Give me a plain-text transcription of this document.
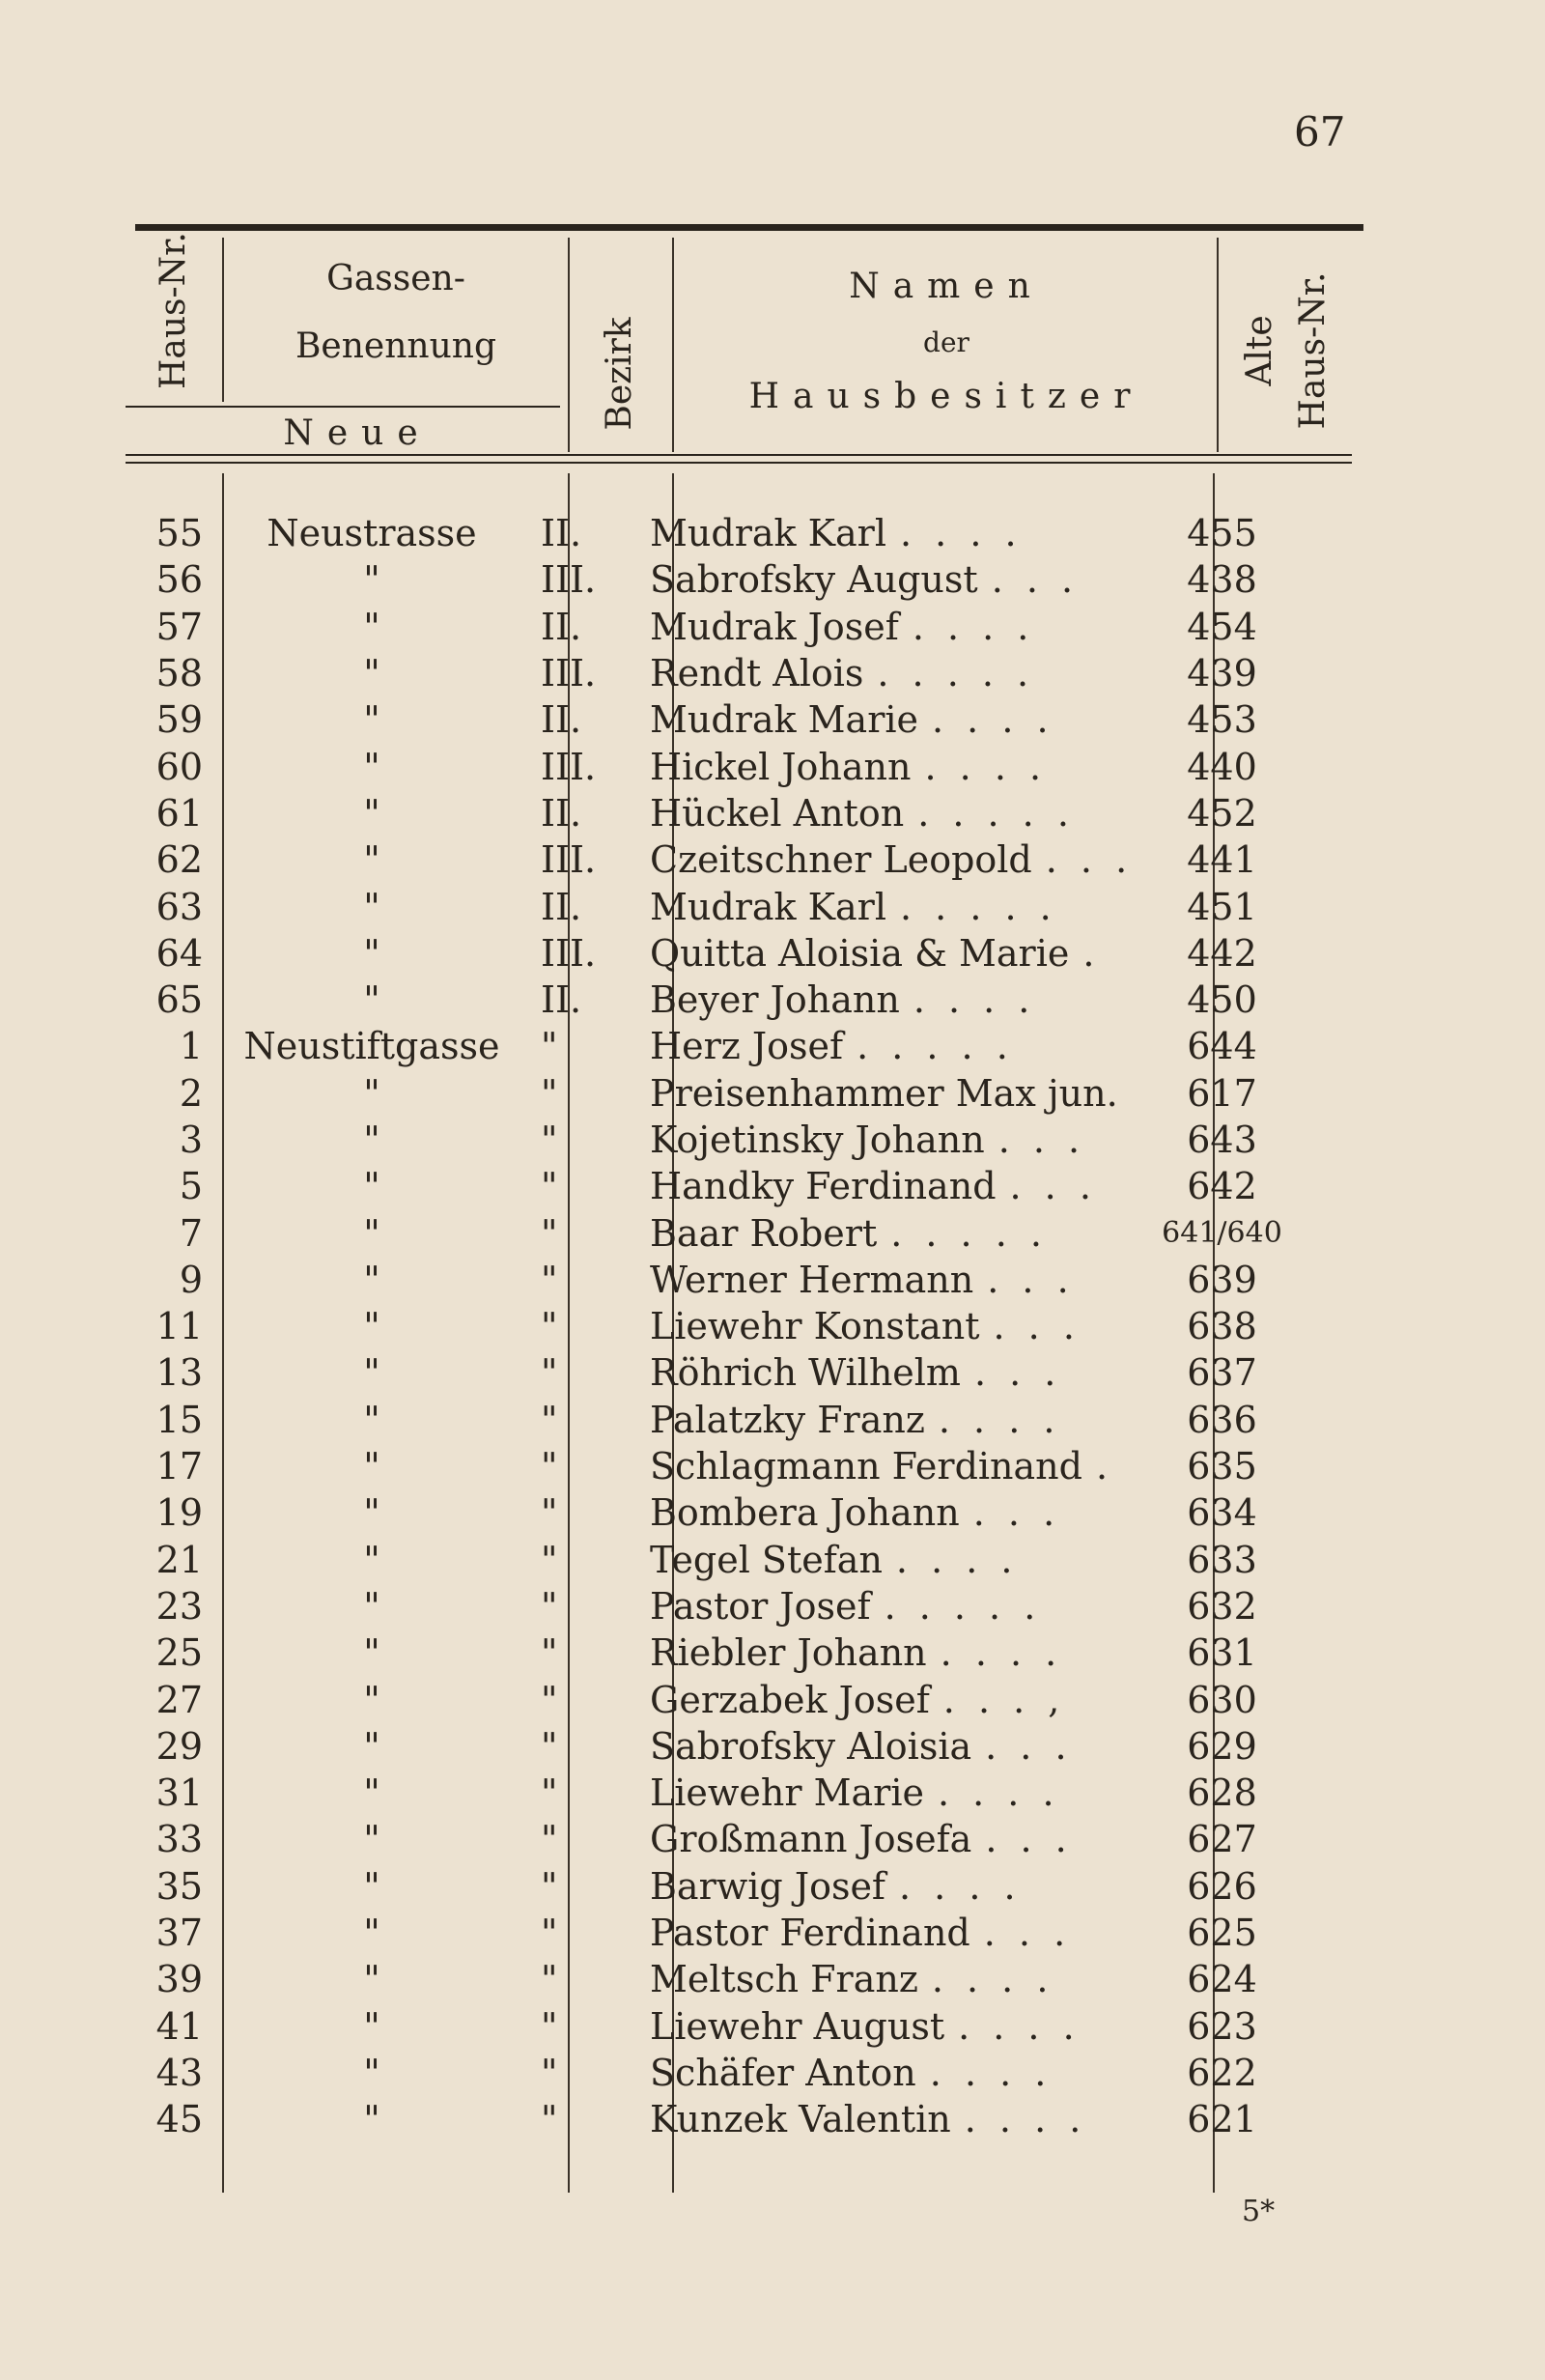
67
Haus-Nr.	Gassen-
Benennung
Neue
Bezirk
Namen
der
Hausbesitzer
Alte Haus-Nr.
55	Neustrasse	II.	Mudrak Karl . . . .	455
56	"	III.	Sabrofsky August . . .	438
57	"	II.	Mudrak Josef . . . .	454
58	"	III.	Rendt Alois . . . . .	439
59	"	II.	Mudrak Marie . . . .	453
60	"	III.	Hickel Johann . . . .	440
61	"	II.	Hückel Anton . . . . .	452
62	"	III.	Czeitschner Leopold . . .	441
63	"	II.	Mudrak Karl . . . . .	451
64	"	III.	Quitta Aloisia & Marie .	442
65	"	II.	Beyer Johann . . . .	450
1	Neustiftgasse	"	Herz Josef . . . . .	644
2	"	"	Preisenhammer Max jun.	617
3	"	"	Kojetinsky Johann . . .	643
5	"	"	Handky Ferdinand . . .	642
7	"	"	Baar Robert . . . . .	641/640
9	"	"	Werner Hermann . . .	639
11	"	"	Liewehr Konstant . . .	638
13	"	"	Röhrich Wilhelm . . .	637
15	"	"	Palatzky Franz . . . .	636
17	"	"	Schlagmann Ferdinand .	635
19	"	"	Bombera Johann . . .	634
21	"	"	Tegel Stefan . . . .	633
23	"	"	Pastor Josef . . . . .	632
25	"	"	Riebler Johann . . . .	631
27	"	"	Gerzabek Josef . . . ,	630
29	"	"	Sabrofsky Aloisia . . .	629
31	"	"	Liewehr Marie . . . .	628
33	"	"	Großmann Josefa . . .	627
35	"	"	Barwig Josef . . . .	626
37	"	"	Pastor Ferdinand . . .	625
39	"	"	Meltsch Franz . . . .	624
41	"	"	Liewehr August . . . .	623
43	"	"	Schäfer Anton . . . .	622
45	"	"	Kunzek Valentin . . . .	621
5*
